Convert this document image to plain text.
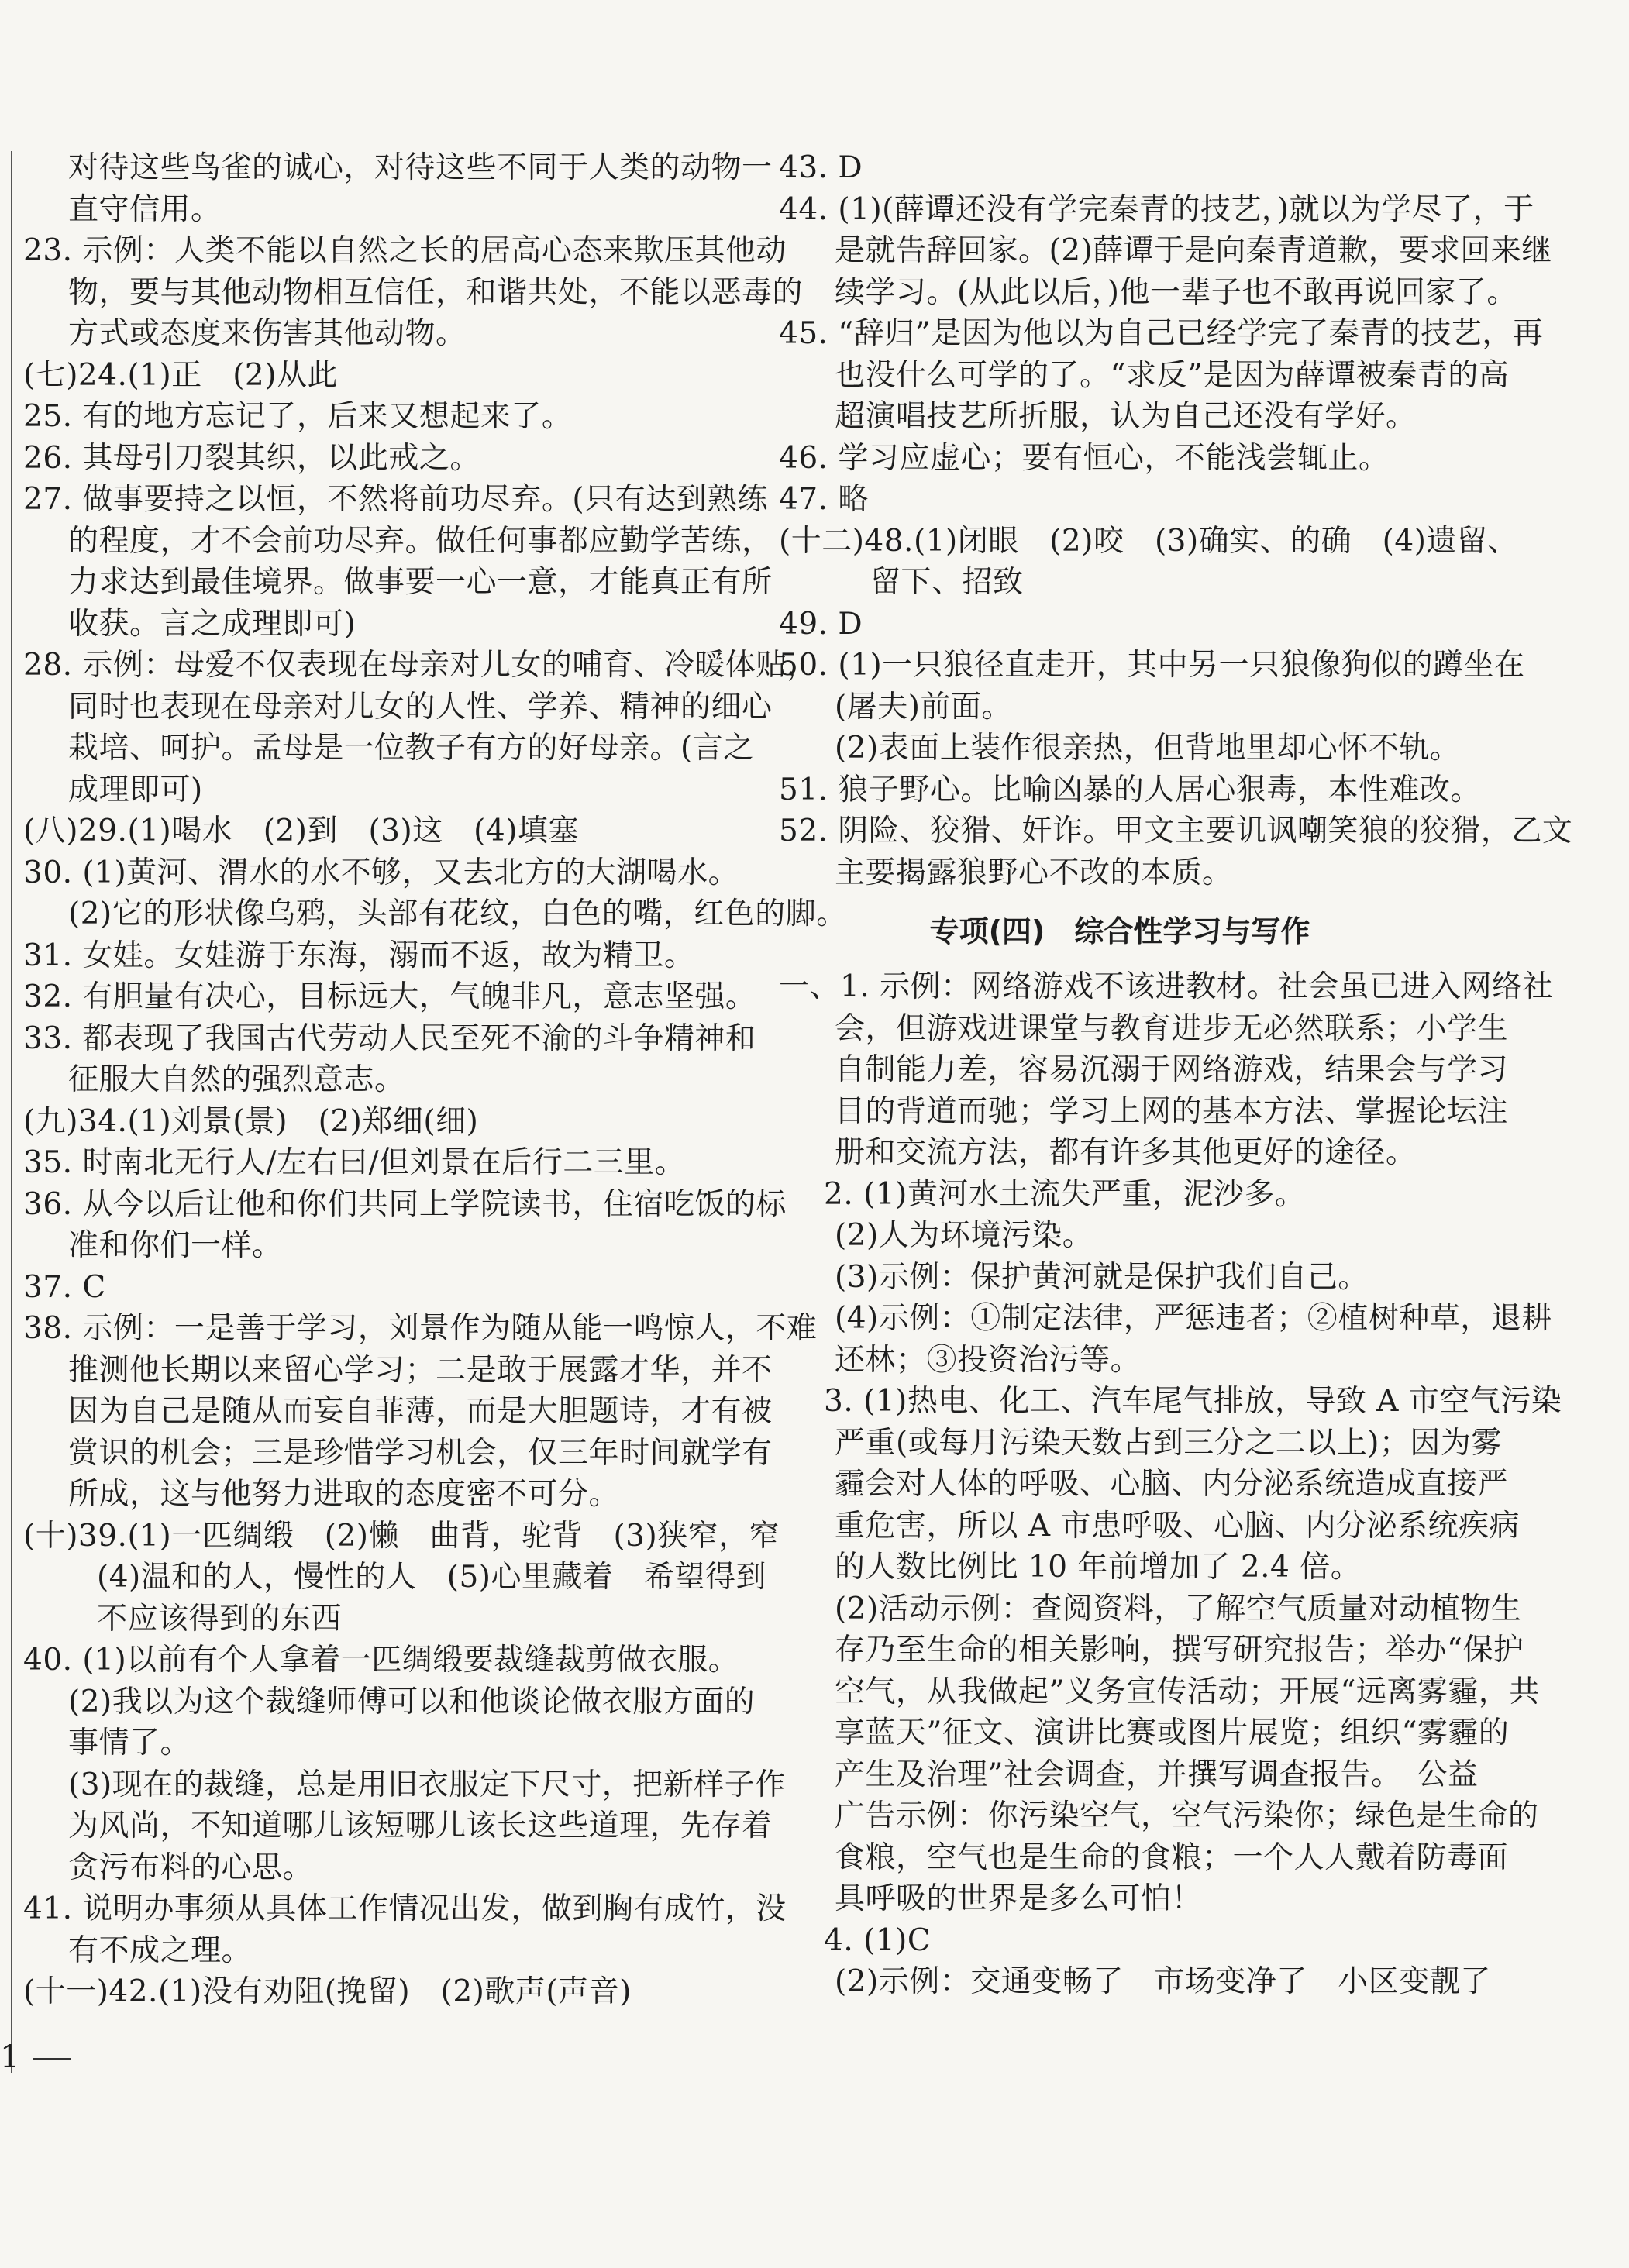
对待这些鸟雀的诚心，对待这些不同于人类的动物一
直守信用。
23. 示例：人类不能以自然之长的居高心态来欺压其他动
物，要与其他动物相互信任，和谐共处，不能以恶毒的
方式或态度来伤害其他动物。
(七)24.(1)正　(2)从此
25. 有的地方忘记了，后来又想起来了。
26. 其母引刀裂其织，以此戒之。
27. 做事要持之以恒，不然将前功尽弃。(只有达到熟练
的程度，才不会前功尽弃。做任何事都应勤学苦练，
力求达到最佳境界。做事要一心一意，才能真正有所
收获。言之成理即可)
28. 示例：母爱不仅表现在母亲对儿女的哺育、冷暖体贴，
同时也表现在母亲对儿女的人性、学养、精神的细心
栽培、呵护。孟母是一位教子有方的好母亲。(言之
成理即可)
(八)29.(1)喝水　(2)到　(3)这　(4)填塞
30. (1)黄河、渭水的水不够，又去北方的大湖喝水。
(2)它的形状像乌鸦，头部有花纹，白色的嘴，红色的脚。
31. 女娃。女娃游于东海，溺而不返，故为精卫。
32. 有胆量有决心，目标远大，气魄非凡，意志坚强。
33. 都表现了我国古代劳动人民至死不渝的斗争精神和
征服大自然的强烈意志。
(九)34.(1)刘景(景)　(2)郑细(细)
35. 时南北无行人/左右曰/但刘景在后行二三里。
36. 从今以后让他和你们共同上学院读书，住宿吃饭的标
准和你们一样。
37. C
38. 示例：一是善于学习，刘景作为随从能一鸣惊人，不难
推测他长期以来留心学习；二是敢于展露才华，并不
因为自己是随从而妄自菲薄，而是大胆题诗，才有被
赏识的机会；三是珍惜学习机会，仅三年时间就学有
所成，这与他努力进取的态度密不可分。
(十)39.(1)一匹绸缎　(2)懒　曲背，驼背　(3)狭窄，窄
(4)温和的人，慢性的人　(5)心里藏着　希望得到
不应该得到的东西
40. (1)以前有个人拿着一匹绸缎要裁缝裁剪做衣服。
(2)我以为这个裁缝师傅可以和他谈论做衣服方面的
事情了。
(3)现在的裁缝，总是用旧衣服定下尺寸，把新样子作
为风尚，不知道哪儿该短哪儿该长这些道理，先存着
贪污布料的心思。
41. 说明办事须从具体工作情况出发，做到胸有成竹，没
有不成之理。
(十一)42.(1)没有劝阻(挽留)　(2)歌声(声音)
43. D
44. (1)(薛谭还没有学完秦青的技艺，)就以为学尽了，于
是就告辞回家。(2)薛谭于是向秦青道歉，要求回来继
续学习。(从此以后，)他一辈子也不敢再说回家了。
45. “辞归”是因为他以为自己已经学完了秦青的技艺，再
也没什么可学的了。“求反”是因为薛谭被秦青的高
超演唱技艺所折服，认为自己还没有学好。
46. 学习应虚心；要有恒心，不能浅尝辄止。
47. 略
(十二)48.(1)闭眼　(2)咬　(3)确实、的确　(4)遗留、
留下、招致
49. D
50. (1)一只狼径直走开，其中另一只狼像狗似的蹲坐在
(屠夫)前面。
(2)表面上装作很亲热，但背地里却心怀不轨。
51. 狼子野心。比喻凶暴的人居心狠毒，本性难改。
52. 阴险、狡猾、奸诈。甲文主要讥讽嘲笑狼的狡猾，乙文
主要揭露狼野心不改的本质。
专项(四)　综合性学习与写作
一、1. 示例：网络游戏不该进教材。社会虽已进入网络社
会，但游戏进课堂与教育进步无必然联系；小学生
自制能力差，容易沉溺于网络游戏，结果会与学习
目的背道而驰；学习上网的基本方法、掌握论坛注
册和交流方法，都有许多其他更好的途径。
2. (1)黄河水土流失严重，泥沙多。
(2)人为环境污染。
(3)示例：保护黄河就是保护我们自己。
(4)示例：①制定法律，严惩违者；②植树种草，退耕
还林；③投资治污等。
3. (1)热电、化工、汽车尾气排放，导致 A 市空气污染
严重(或每月污染天数占到三分之二以上)；因为雾
霾会对人体的呼吸、心脑、内分泌系统造成直接严
重危害，所以 A 市患呼吸、心脑、内分泌系统疾病
的人数比例比 10 年前增加了 2.4 倍。
(2)活动示例：查阅资料，了解空气质量对动植物生
存乃至生命的相关影响，撰写研究报告；举办“保护
空气，从我做起”义务宣传活动；开展“远离雾霾，共
享蓝天”征文、演讲比赛或图片展览；组织“雾霾的
产生及治理”社会调查，并撰写调查报告。　公益
广告示例：你污染空气，空气污染你；绿色是生命的
食粮，空气也是生命的食粮；一个人人戴着防毒面
具呼吸的世界是多么可怕！
4. (1)C
(2)示例：交通变畅了　市场变净了　小区变靓了
1
